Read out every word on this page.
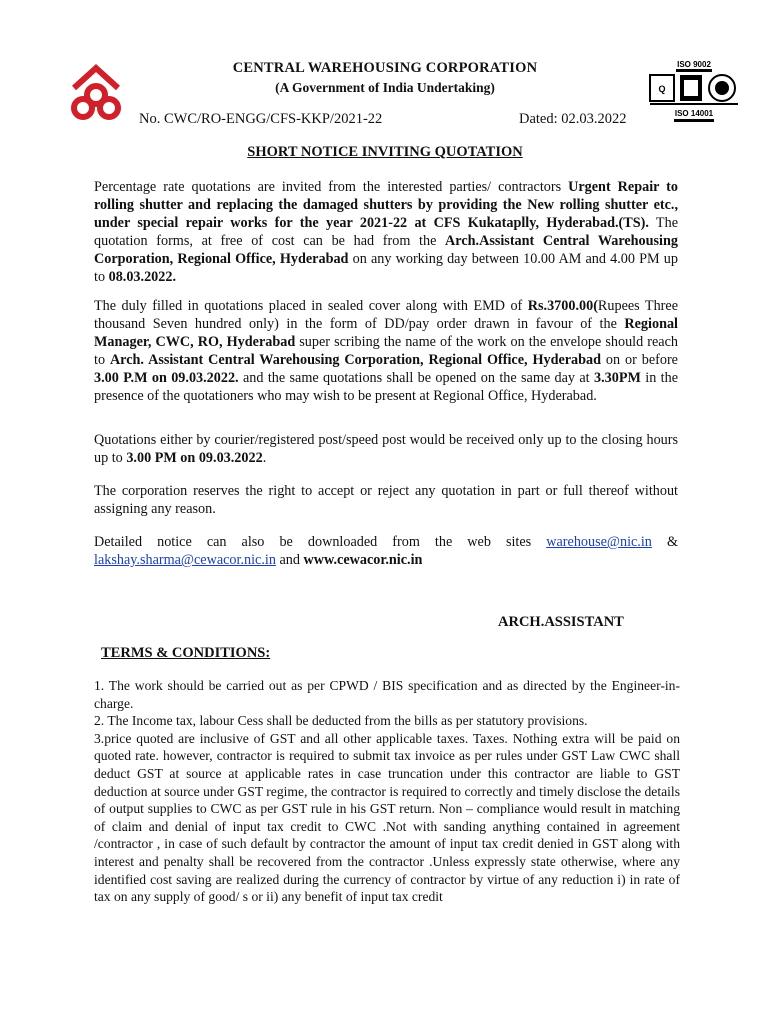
ISO 9002
Q
ISO 14001
CENTRAL WAREHOUSING CORPORATION
(A Government of India Undertaking)
No. CWC/RO-ENGG/CFS-KKP/2021-22	Dated: 02.03.2022
SHORT NOTICE INVITING QUOTATION
Percentage rate quotations are invited from the interested parties/ contractors Urgent Repair to rolling shutter and replacing the damaged shutters by providing the New rolling shutter etc., under special repair works for the year 2021-22 at CFS Kukataplly, Hyderabad.(TS). The quotation forms, at free of cost can be had from the Arch.Assistant Central Warehousing Corporation, Regional Office, Hyderabad on any working day between 10.00 AM and 4.00 PM up to 08.03.2022.
The duly filled in quotations placed in sealed cover along with EMD of Rs.3700.00(Rupees Three thousand Seven hundred only) in the form of DD/pay order drawn in favour of the Regional Manager, CWC, RO, Hyderabad super scribing the name of the work on the envelope should reach to Arch. Assistant Central Warehousing Corporation, Regional Office, Hyderabad on or before 3.00 P.M on 09.03.2022. and the same quotations shall be opened on the same day at 3.30PM in the presence of the quotationers who may wish to be present at Regional Office, Hyderabad.
Quotations either by courier/registered post/speed post would be received only up to the closing hours up to 3.00 PM on 09.03.2022.
The corporation reserves the right to accept or reject any quotation in part or full thereof without assigning any reason.
Detailed notice can also be downloaded from the web sites warehouse@nic.in & lakshay.sharma@cewacor.nic.in and www.cewacor.nic.in
ARCH.ASSISTANT
TERMS & CONDITIONS:

1. The work should be carried out as per CPWD / BIS specification and as directed by the Engineer-in-charge.

2. The Income tax, labour Cess shall be deducted from the bills as per statutory provisions.

3.price quoted are inclusive of GST and all other applicable taxes. Taxes. Nothing extra will be paid on quoted rate. however, contractor is required to submit tax invoice as per rules under GST Law CWC shall deduct GST at source at applicable rates in case truncation under this contractor are liable to GST deduction at source under GST regime, the contractor is required to correctly and timely disclose the details of output supplies to CWC as per GST rule in his GST return. Non – compliance would result in matching of claim and denial of input tax credit to CWC .Not with sanding anything contained in agreement /contractor , in case of such default by contractor the amount of input tax credit denied in GST along with interest and penalty shall be recovered from the contractor .Unless expressly state otherwise, where any identified cost saving are realized during the currency of contractor by virtue of any reduction i) in rate of tax on any supply of good/ s or ii) any benefit of input tax credit
